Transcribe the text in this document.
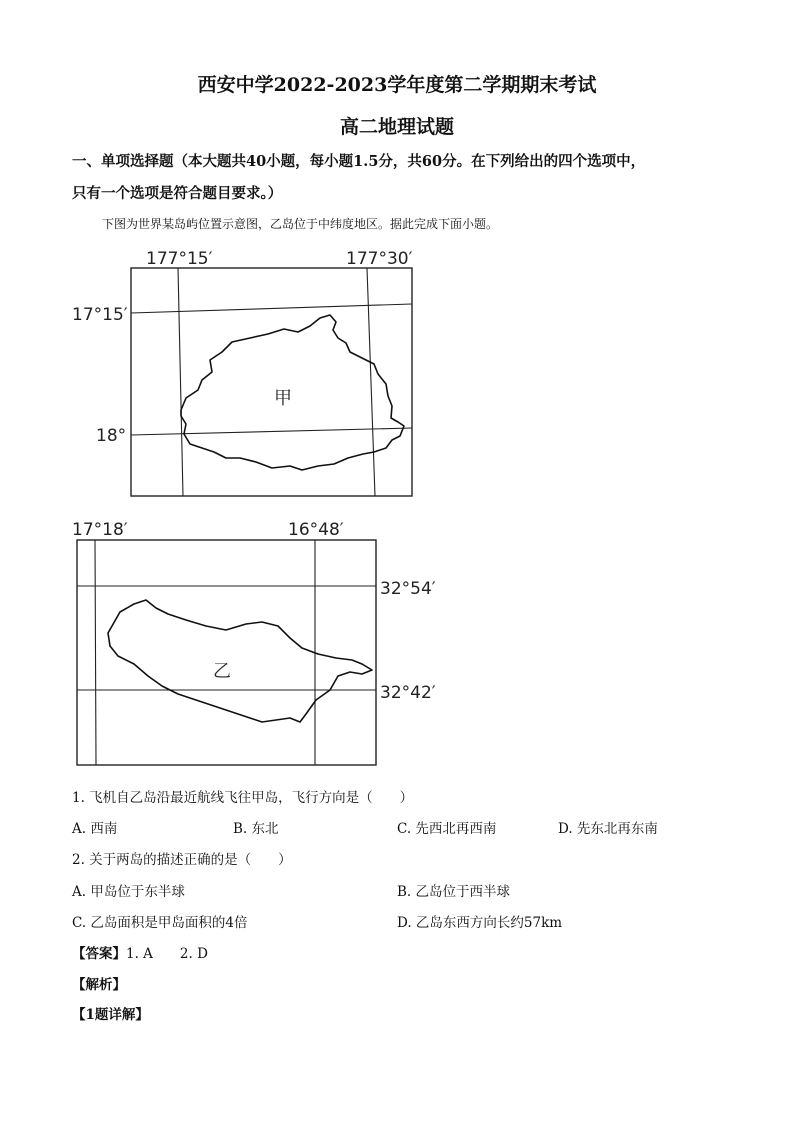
西安中学2022-2023学年度第二学期期末考试
高二地理试题
一、单项选择题（本大题共40小题，每小题1.5分，共60分。在下列给出的四个选项中，
只有一个选项是符合题目要求。）
下图为世界某岛屿位置示意图，乙岛位于中纬度地区。据此完成下面小题。
甲
177°15′	177°30′
17°15′
18°
乙
17°18′	16°48′
32°54′
32°42′
1. 飞机自乙岛沿最近航线飞往甲岛，飞行方向是（　　）
A. 西南	B. 东北	C. 先西北再西南	D. 先东北再东南
2. 关于两岛的描述正确的是（　　）
A. 甲岛位于东半球	B. 乙岛位于西半球
C. 乙岛面积是甲岛面积的4倍	D. 乙岛东西方向长约57km
【答案】1. A　　2. D
【解析】
【1题详解】
